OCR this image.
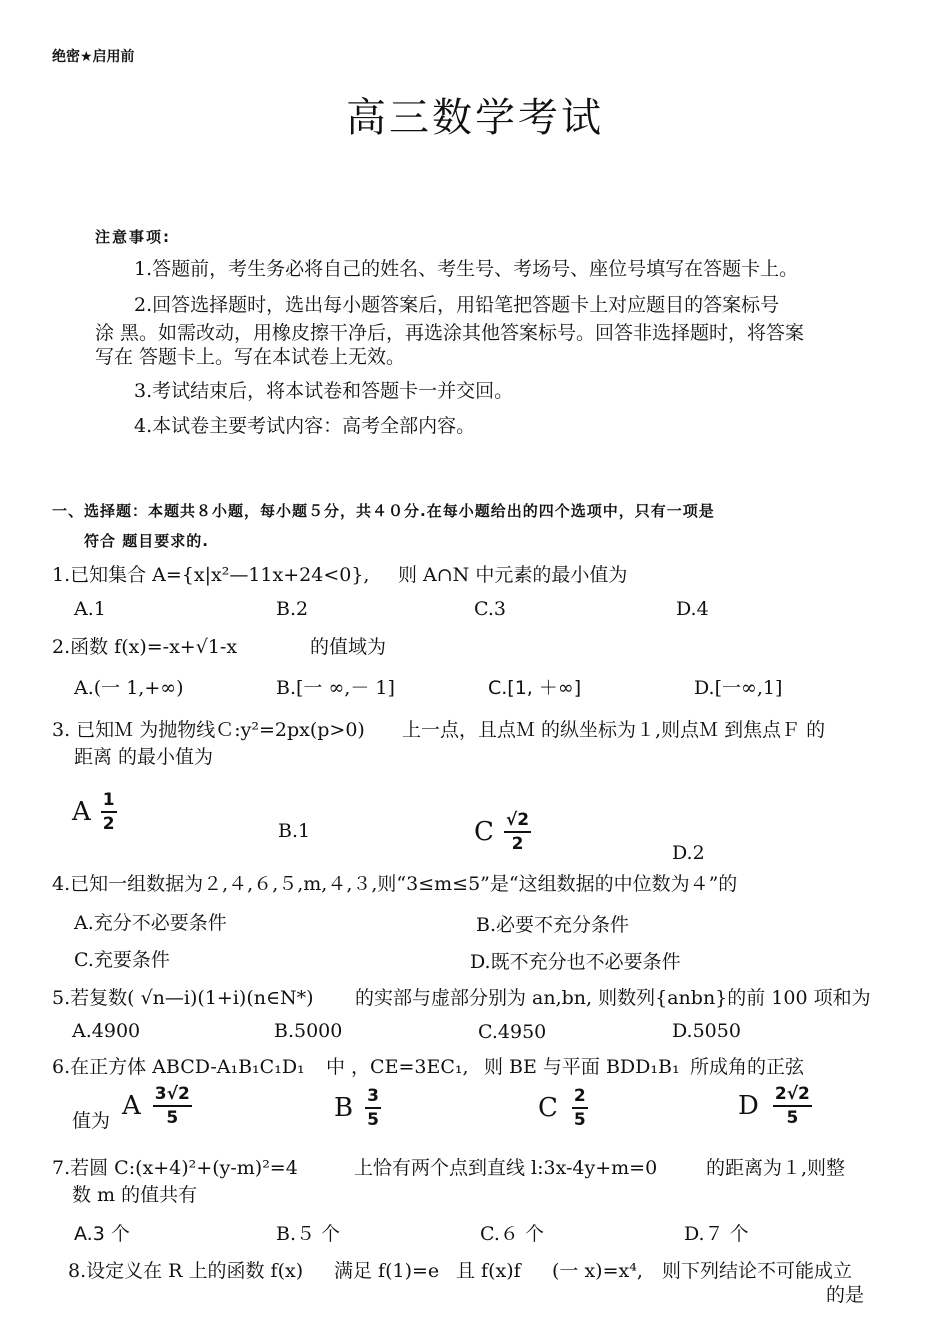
绝密★启用前
高三数学考试
注意事项:
1.答题前，考生务必将自己的姓名、考生号、考场号、座位号填写在答题卡上。
2.回答选择题时，选出每小题答案后，用铅笔把答题卡上对应题目的答案标号
涂 黑。如需改动，用橡皮擦干净后，再选涂其他答案标号。回答非选择题时，将答案
写在 答题卡上。写在本试卷上无效。
3.考试结束后，将本试卷和答题卡一并交回。
4.本试卷主要考试内容：高考全部内容。
一、选择题：本题共８小题，每小题５分，共４０分.在每小题给出的四个选项中，只有一项是
符合 题目要求的.
1.已知集合 A={x|x²—11x+24<0}, 则 A∩N 中元素的最小值为
A.1	B.2	C.3	D.4
2.函数 f(x)=-x+√1-x	的值域为
A.(一 1,+∞)	B.[一 ∞,－ 1]	C.[1, ＋∞]	D.[一∞,1]
3. 已知Ｍ 为抛物线Ｃ:y²=2px(p>0) 上一点，且点Ｍ 的纵坐标为１,则点Ｍ 到焦点Ｆ 的
距离 的最小值为
A $\frac{1}{2}$	B.1	C $\frac{√2}{2}$	D.2
4.已知一组数据为２,４,６,５,m,４,３,则“3≤m≤5”是“这组数据的中位数为４”的
A.充分不必要条件	B.必要不充分条件
C.充要条件	D.既不充分也不必要条件
5.若复数( √n—i)(1+i)(n∈N*) 的实部与虚部分别为 an,bn, 则数列{anbn}的前 100 项和为
A.4900	B.5000	C.4950	D.5050
6.在正方体 ABCD-A₁B₁C₁D₁ 中 ，CE=3EC₁, 则 BE 与平面 BDD₁B₁ 所成角的正弦
值为 A $\frac{3√2}{5}$	B $\frac{3}{5}$	C $\frac{2}{5}$	D $\frac{2√2}{5}$
7.若圆 C:(x+4)²+(y-m)²=4	上恰有两个点到直线 l:3x-4y+m=0	的距离为１,则整
数 m 的值共有
A.3 个	B.５ 个	C.６ 个	D.７ 个
8.设定义在 R 上的函数 f(x) 满足 f(1)=e 且 f(x)f (一 x)=x⁴, 则下列结论不可能成立
的是
